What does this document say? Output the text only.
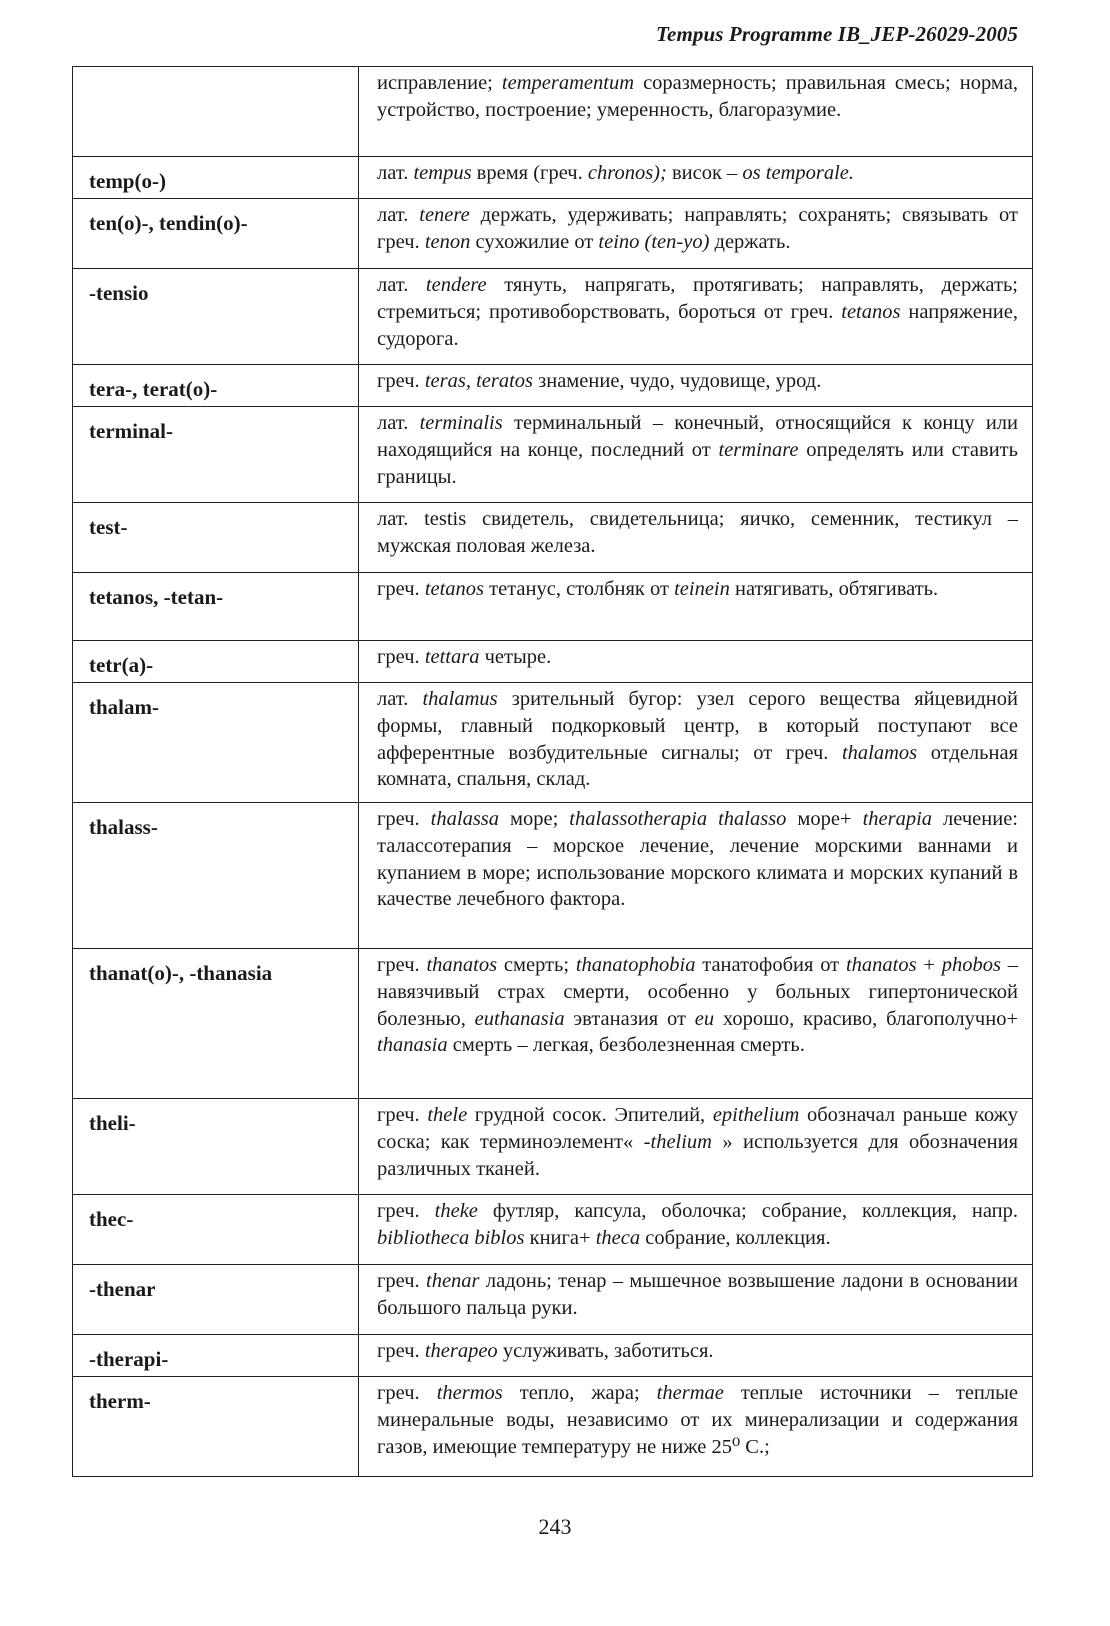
Tempus Programme IB_JEP-26029-2005

	исправление; temperamentum соразмерность; правильная смесь; норма, устройство, построение; умеренность, благоразумие.

temp(o-)	лат. tempus время (греч. chronos); висок – os temporale.

ten(o)-, tendin(o)-	лат. tenere держать, удерживать; направлять; сохранять; связывать от греч. tenon сухожилие от teino (ten-yo) держать.

-tensio	лат. tendere тянуть, напрягать, протягивать; направлять, держать; стремиться; противоборствовать, бороться от греч. tetanos напряжение, судорога.

tera-, terat(o)-	греч. teras, teratos знамение, чудо, чудовище, урод.

terminal-	лат. terminalis терминальный – конечный, относящийся к концу или находящийся на конце, последний от terminare определять или ставить границы.

test-	лат. testis свидетель, свидетельница; яичко, семенник, тестикул – мужская половая железа.

tetanos, -tetan-	греч. tetanos тетанус, столбняк от teinein натягивать, обтягивать.

tetr(a)-	греч. tettara четыре.

thalam-	лат. thalamus зрительный бугор: узел серого вещества яйцевидной формы, главный подкорковый центр, в который поступают все афферентные возбудительные сигналы; от греч. thalamos отдельная комната, спальня, склад.

thalass-	греч. thalassa море; thalassotherapia thalasso море+ therapia лечение: талассотерапия – морское лечение, лечение морскими ваннами и купанием в море; использование морского климата и морских купаний в качестве лечебного фактора.

thanat(o)-, -thanasia	греч. thanatos смерть; thanatophobia танатофобия от thanatos + phobos – навязчивый страх смерти, особенно у больных гипертонической болезнью, euthanasia эвтаназия от eu хорошо, красиво, благополучно+ thanasia смерть – легкая, безболезненная смерть.

theli-	греч. thele грудной сосок. Эпителий, epithelium обозначал раньше кожу соска; как терминоэлемент« -thelium » используется для обозначения различных тканей.

thec-	греч. theke футляр, капсула, оболочка; собрание, коллекция, напр. bibliotheca biblos книга+ theca собрание, коллекция.

-thenar	греч. thenar ладонь; тенар – мышечное возвышение ладони в основании большого пальца руки.

-therapi-	греч. therapeo услуживать, заботиться.

therm-	греч. thermos тепло, жара; thermae теплые источники – теплые минеральные воды, независимо от их минерализации и содержания газов, имеющие температуру не ниже 25⁰ С.;

243
